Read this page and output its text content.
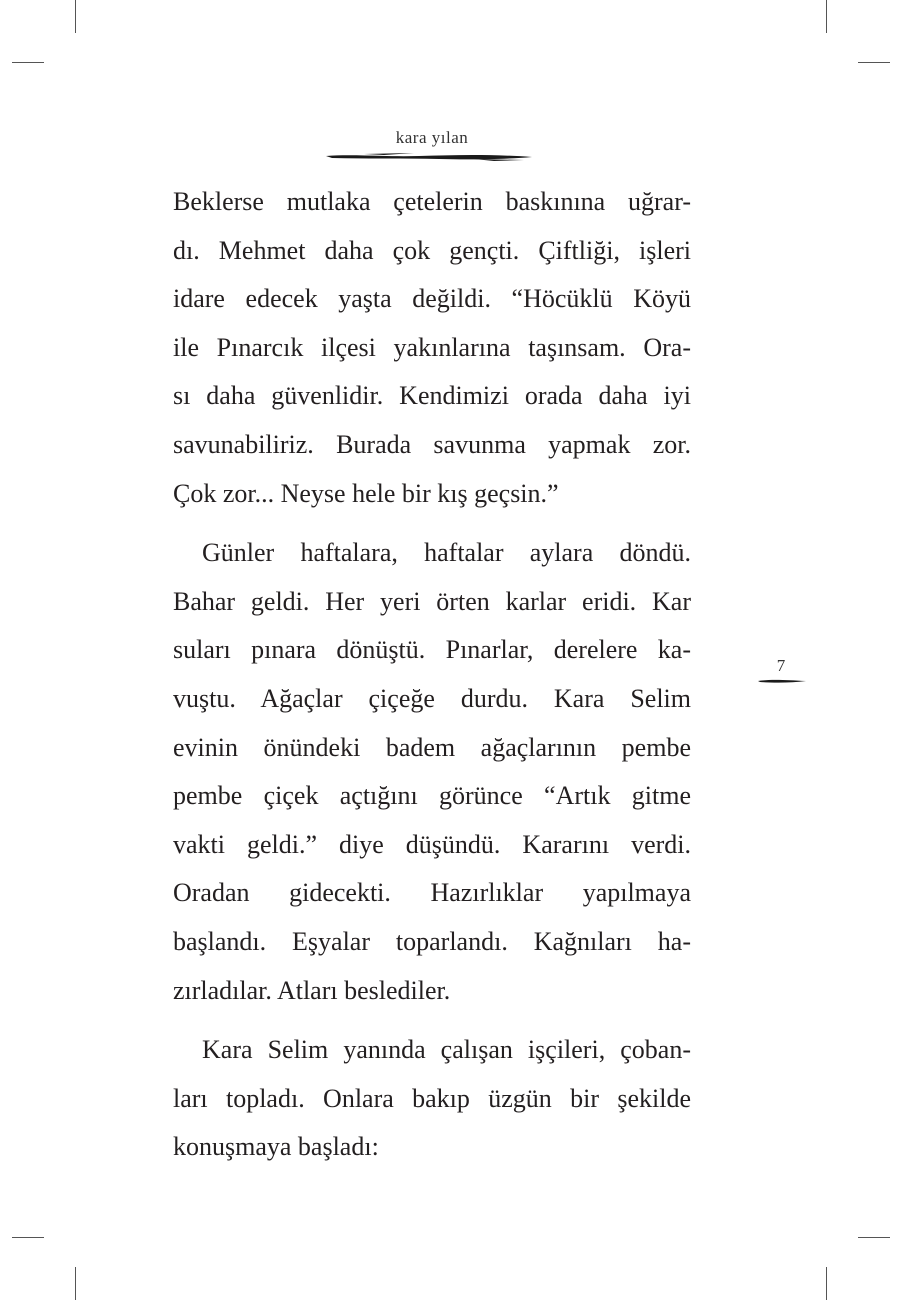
kara yılan
Beklerse mutlaka çetelerin baskınına uğrar-
dı. Mehmet daha çok gençti. Çiftliği, işleri
idare edecek yaşta değildi. “Höcüklü Köyü
ile Pınarcık ilçesi yakınlarına taşınsam. Ora-
sı daha güvenlidir. Kendimizi orada daha iyi
savunabiliriz. Burada savunma yapmak zor.
Çok zor... Neyse hele bir kış geçsin.”
Günler haftalara, haftalar aylara döndü.
Bahar geldi. Her yeri örten karlar eridi. Kar
suları pınara dönüştü. Pınarlar, derelere ka-
vuştu. Ağaçlar çiçeğe durdu. Kara Selim
evinin önündeki badem ağaçlarının pembe
pembe çiçek açtığını görünce “Artık gitme
vakti geldi.” diye düşündü. Kararını verdi.
Oradan gidecekti. Hazırlıklar yapılmaya
başlandı. Eşyalar toparlandı. Kağnıları ha-
zırladılar. Atları beslediler.
Kara Selim yanında çalışan işçileri, çoban-
ları topladı. Onlara bakıp üzgün bir şekilde
konuşmaya başladı:
7
